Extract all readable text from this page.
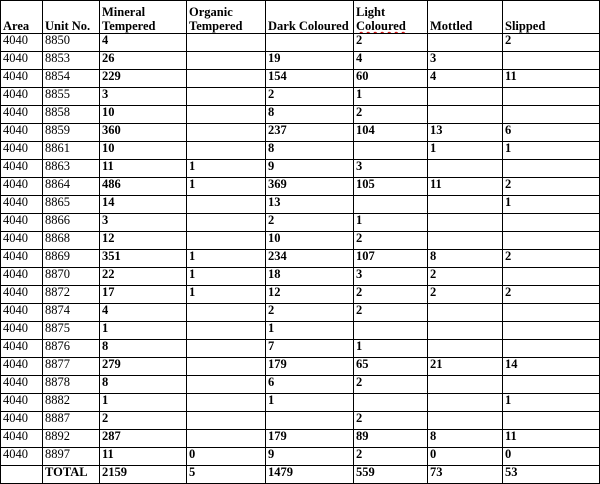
Area	Unit No.	Mineral Tempered	Organic Tempered	Dark Coloured	Light Coloured	Mottled	Slipped
4040	8850	4			2		2
4040	8853	26		19	4	3	
4040	8854	229		154	60	4	11
4040	8855	3		2	1		
4040	8858	10		8	2		
4040	8859	360		237	104	13	6
4040	8861	10		8		1	1
4040	8863	11	1	9	3		
4040	8864	486	1	369	105	11	2
4040	8865	14		13			1
4040	8866	3		2	1		
4040	8868	12		10	2		
4040	8869	351	1	234	107	8	2
4040	8870	22	1	18	3	2	
4040	8872	17	1	12	2	2	2
4040	8874	4		2	2		
4040	8875	1		1			
4040	8876	8		7	1		
4040	8877	279		179	65	21	14
4040	8878	8		6	2		
4040	8882	1		1			1
4040	8887	2			2		
4040	8892	287		179	89	8	11
4040	8897	11	0	9	2	0	0
	TOTAL	2159	5	1479	559	73	53
